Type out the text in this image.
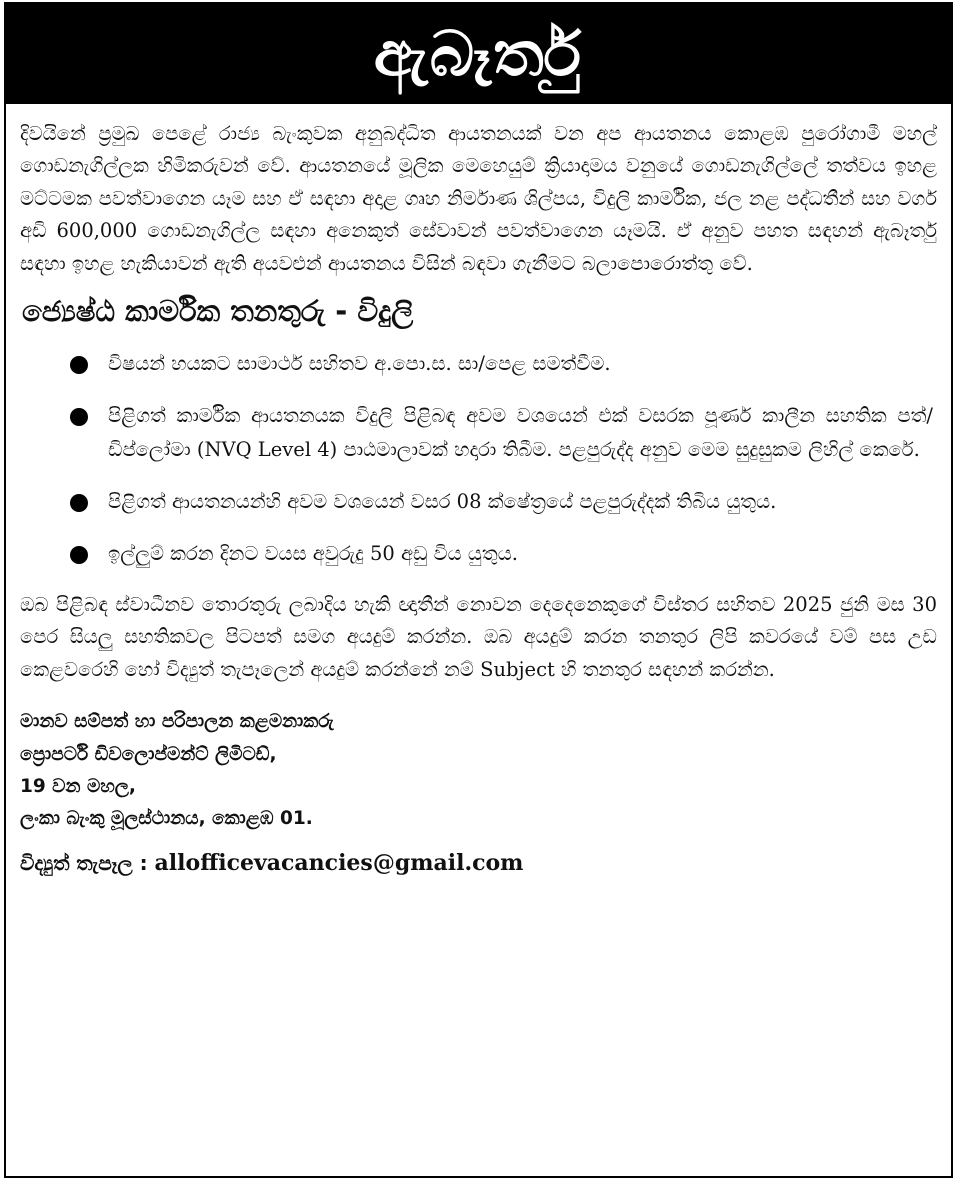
ඇබෑර්තු

දිවයිනේ ප්‍රමුඛ පෙළේ රාජ්‍ය බැංකුවක අනුබද්ධිත ආයතනයක් වන අප ආයතනය කොළඹ පුරෝගාමී මහල් ගොඩනැගිල්ලක හිමිකරුවන් වේ. ආයතනයේ මූලික මෙහෙයුම් ක්‍රියාදාමය වනුයේ ගොඩනැගිල්ලේ තත්වය ඉහළ මට්ටමක පවත්වාගෙන යෑම සහ ඒ සඳහා අදාළ ගෘහ නිර්මාණ ශිල්පය, විදුලි කාර්මික, ජල නළ පද්ධතීන් සහ වර්ග අඩි 600,000 ගොඩනැගිල්ල සඳහා අනෙකුත් සේවාවන් පවත්වාගෙන යෑමයි. ඒ අනුව පහත සඳහන් ඇබෑර්තු සඳහා ඉහළ හැකියාවන් ඇති අයවළුන් ආයතනය විසින් බඳවා ගැනීමට බලාපොරොත්තු වේ.

ජ්‍යෙෂ්ඨ කාර්මික තනතුරු - විදුලි
විෂයන් හයකට සාමාර්ථ සහිතව අ.පො.ස. සා/පෙළ සමත්වීම.
පිළිගත් කාර්මික ආයතනයක විදුලි පිළිබඳ අවම වශයෙන් එක් වසරක පූර්ණ කාලීන සහතික පත්/ඩිප්ලෝමා (NVQ Level 4) පාඨමාලාවක් හදාරා තිබීම. පළපුරුද්ද අනුව මෙම සුදුසුකම ලිහිල් කෙරේ.
පිළිගත් ආයතනයන්හි අවම වශයෙන් වසර 08 ක්ෂේත්‍රයේ පළපුරුද්දක් තිබිය යුතුය.
ඉල්ලුම් කරන දිනට වයස අවුරුදු 50 අඩු විය යුතුය.

ඔබ පිළිබඳ ස්වාධීනව තොරතුරු ලබාදිය හැකි ඥාතීන් නොවන දෙදෙනෙකුගේ විස්තර සහිතව 2025 ජුනි මස 30 පෙර සියලු සහතිකවල පිටපත් සමග අයදුම් කරන්න. ඔබ අයදුම් කරන තනතුර ලිපි කවරයේ වම් පස උඩ කෙළවරෙහි හෝ විද්‍යුත් තැපෑලෙන් අයදුම් කරන්නේ නම් Subject හි තනතුර සඳහන් කරන්න.

මානව සම්පත් හා පරිපාලන කළමනාකරු
ප්‍රොපර්ටි ඩිවලොප්මන්ට් ලිමිටඩ්,
19 වන මහල,
ලංකා බැංකු මූලස්ථානය, කොළඹ 01.
විද්‍යුත් තැපෑල : allofficevacancies@gmail.com
